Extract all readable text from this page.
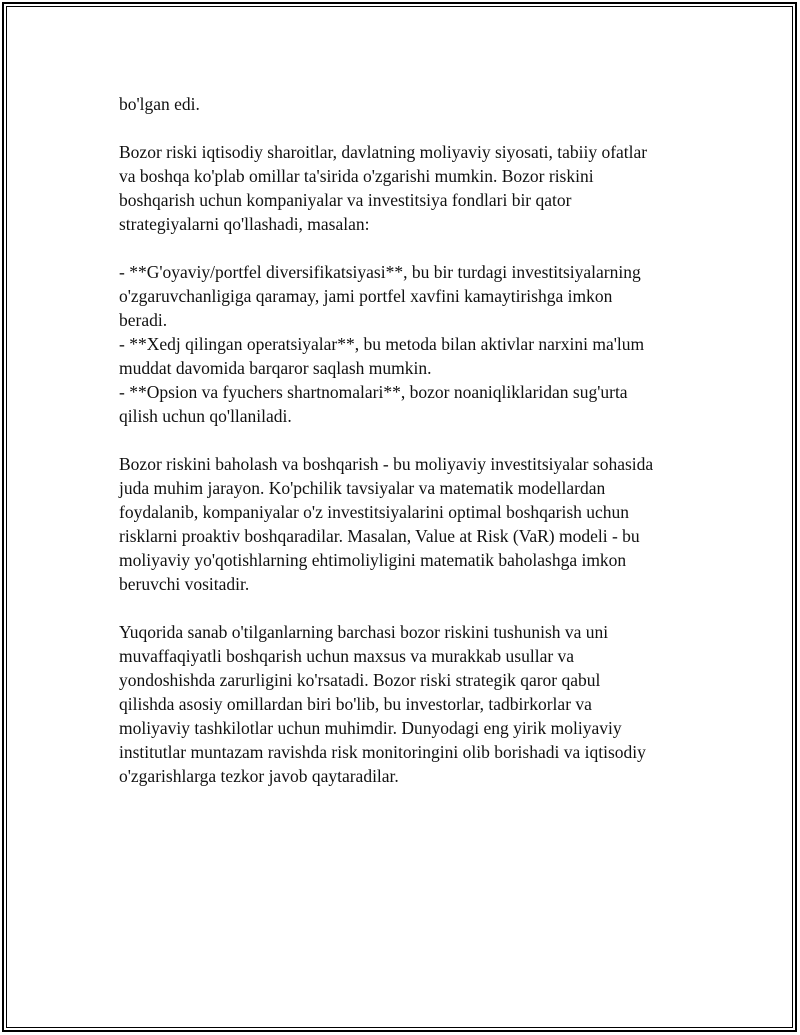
bo'lgan edi.
Bozor riski iqtisodiy sharoitlar, davlatning moliyaviy siyosati, tabiiy ofatlar
va boshqa ko'plab omillar ta'sirida o'zgarishi mumkin. Bozor riskini
boshqarish uchun kompaniyalar va investitsiya fondlari bir qator
strategiyalarni qo'llashadi, masalan:
- **G'oyaviy/portfel diversifikatsiyasi**, bu bir turdagi investitsiyalarning
o'zgaruvchanligiga qaramay, jami portfel xavfini kamaytirishga imkon
beradi.
- **Xedj qilingan operatsiyalar**, bu metoda bilan aktivlar narxini ma'lum
muddat davomida barqaror saqlash mumkin.
- **Opsion va fyuchers shartnomalari**, bozor noaniqliklaridan sug'urta
qilish uchun qo'llaniladi.
Bozor riskini baholash va boshqarish - bu moliyaviy investitsiyalar sohasida
juda muhim jarayon. Ko'pchilik tavsiyalar va matematik modellardan
foydalanib, kompaniyalar o'z investitsiyalarini optimal boshqarish uchun
risklarni proaktiv boshqaradilar. Masalan, Value at Risk (VaR) modeli - bu
moliyaviy yo'qotishlarning ehtimoliyligini matematik baholashga imkon
beruvchi vositadir.
Yuqorida sanab o'tilganlarning barchasi bozor riskini tushunish va uni
muvaffaqiyatli boshqarish uchun maxsus va murakkab usullar va
yondoshishda zarurligini ko'rsatadi. Bozor riski strategik qaror qabul
qilishda asosiy omillardan biri bo'lib, bu investorlar, tadbirkorlar va
moliyaviy tashkilotlar uchun muhimdir. Dunyodagi eng yirik moliyaviy
institutlar muntazam ravishda risk monitoringini olib borishadi va iqtisodiy
o'zgarishlarga tezkor javob qaytaradilar.
